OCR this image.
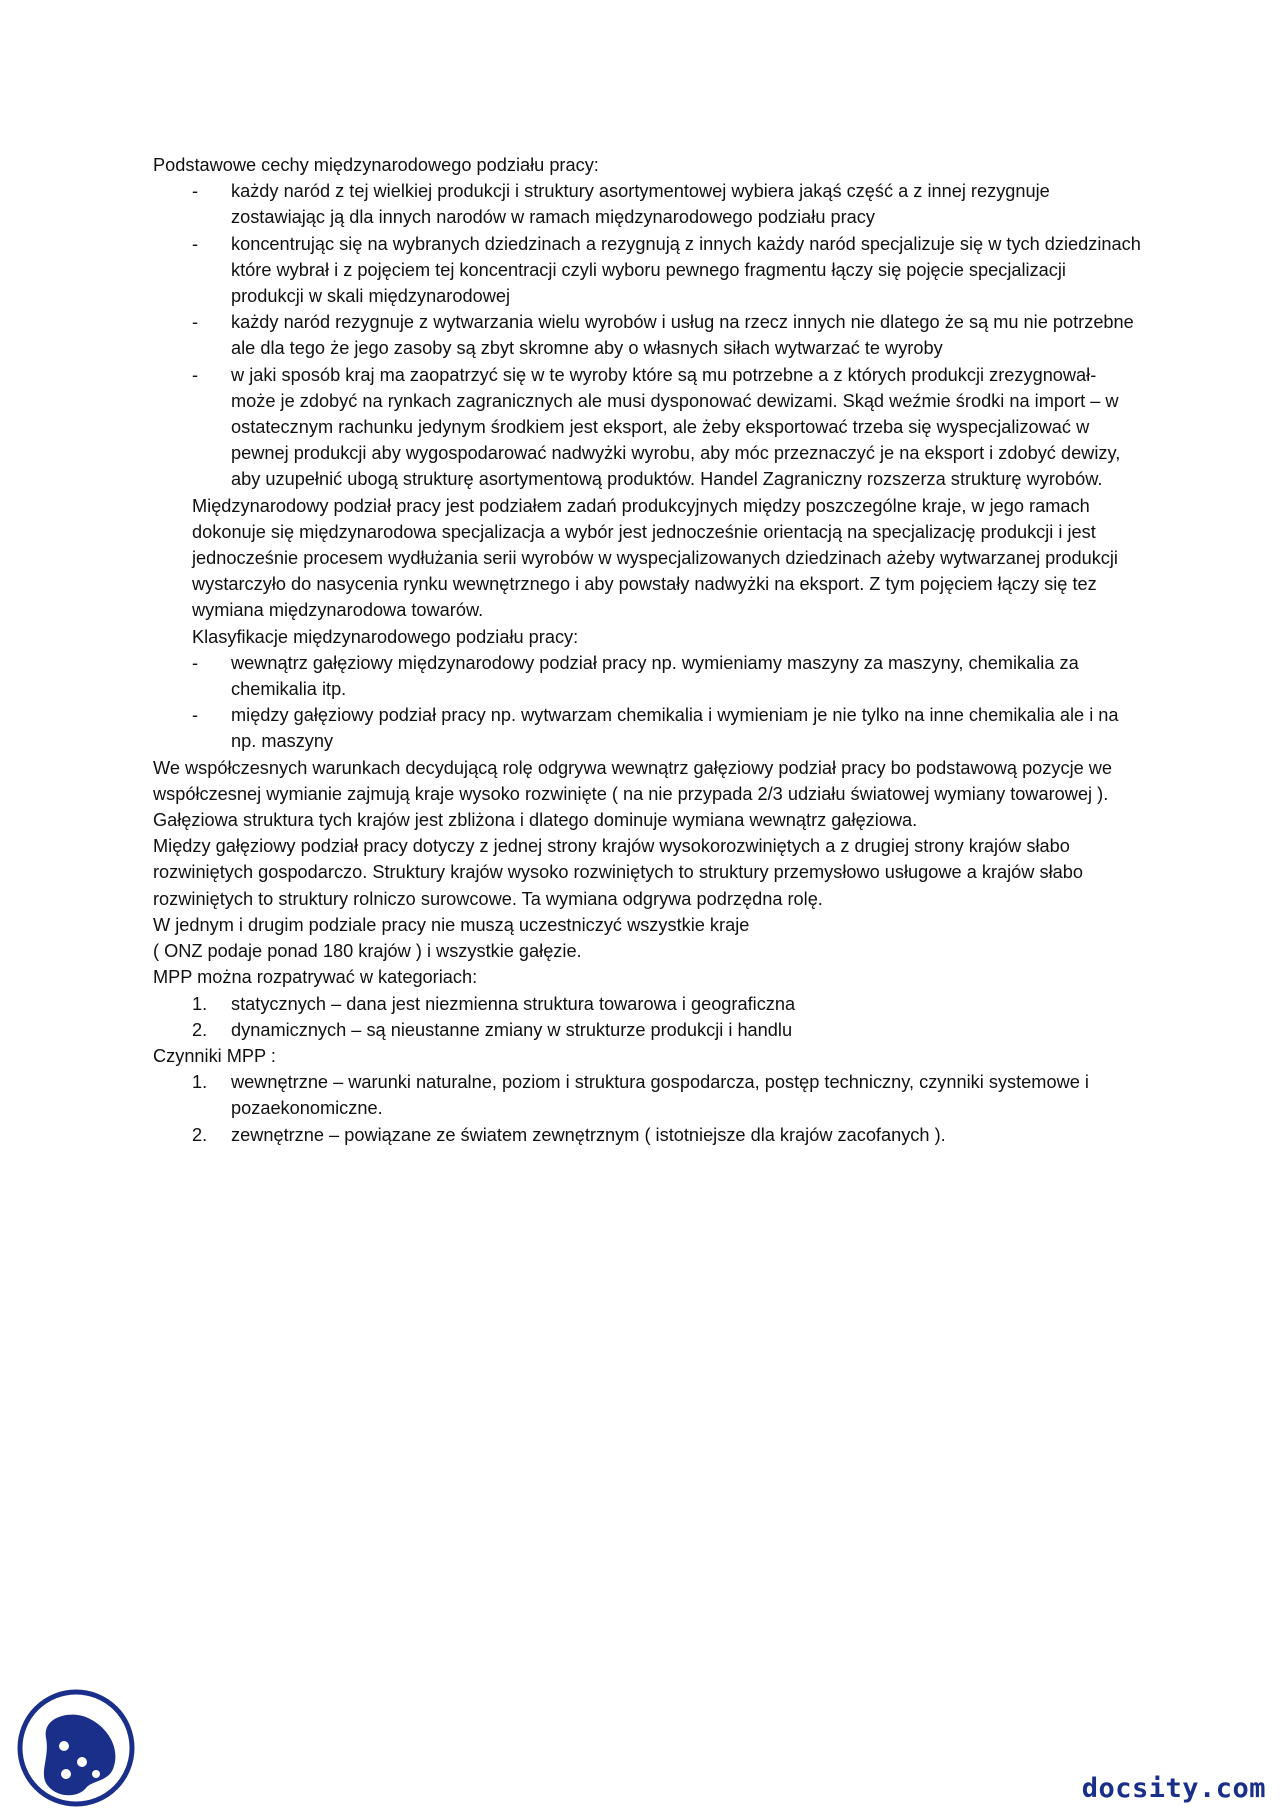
Podstawowe cechy międzynarodowego podziału pracy:

-	każdy naród z tej wielkiej produkcji i struktury asortymentowej wybiera jakąś część a z innej rezygnuje zostawiając ją dla innych narodów w ramach międzynarodowego podziału pracy
-	koncentrując się na wybranych dziedzinach a rezygnują z innych każdy naród specjalizuje się w tych dziedzinach które wybrał i z pojęciem tej koncentracji czyli wyboru pewnego fragmentu łączy się pojęcie specjalizacji produkcji w skali międzynarodowej
-	każdy naród rezygnuje z wytwarzania wielu wyrobów i usług na rzecz innych nie dlatego że są mu nie potrzebne ale dla tego że jego zasoby są zbyt skromne aby o własnych siłach wytwarzać te wyroby
-	w jaki sposób kraj ma zaopatrzyć się w te wyroby które są mu potrzebne a z których produkcji zrezygnował- może je zdobyć na rynkach zagranicznych ale musi dysponować dewizami. Skąd weźmie środki na import – w ostatecznym rachunku jedynym środkiem jest eksport, ale żeby eksportować trzeba się wyspecjalizować w pewnej produkcji aby wygospodarować nadwyżki wyrobu, aby móc przeznaczyć je na eksport i zdobyć dewizy, aby uzupełnić ubogą strukturę asortymentową produktów. Handel Zagraniczny rozszerza strukturę wyrobów.

Międzynarodowy podział pracy jest podziałem zadań produkcyjnych między poszczególne kraje, w jego ramach dokonuje się międzynarodowa specjalizacja a wybór jest jednocześnie orientacją na specjalizację produkcji i jest jednocześnie procesem wydłużania serii wyrobów w wyspecjalizowanych dziedzinach ażeby wytwarzanej produkcji wystarczyło do nasycenia rynku wewnętrznego i aby powstały nadwyżki na eksport. Z tym pojęciem łączy się tez wymiana międzynarodowa towarów.

Klasyfikacje międzynarodowego podziału pracy:

-	wewnątrz gałęziowy międzynarodowy podział pracy np. wymieniamy maszyny za maszyny, chemikalia za chemikalia itp.
-	między gałęziowy podział pracy np. wytwarzam chemikalia i wymieniam je nie tylko na inne chemikalia ale i na np. maszyny

We współczesnych warunkach decydującą rolę odgrywa wewnątrz gałęziowy podział pracy bo podstawową pozycje we współczesnej wymianie zajmują kraje wysoko rozwinięte ( na nie przypada 2/3 udziału światowej wymiany towarowej ). Gałęziowa struktura tych krajów jest zbliżona i dlatego dominuje wymiana wewnątrz gałęziowa.

Między gałęziowy podział pracy dotyczy z jednej strony krajów wysokorozwiniętych a z drugiej strony krajów słabo rozwiniętych gospodarczo. Struktury krajów wysoko rozwiniętych to struktury przemysłowo usługowe a krajów słabo rozwiniętych to struktury rolniczo surowcowe. Ta wymiana odgrywa podrzędna rolę.

W jednym i drugim podziale pracy nie muszą uczestniczyć wszystkie kraje

( ONZ podaje ponad 180 krajów ) i wszystkie gałęzie.

MPP można rozpatrywać w kategoriach:

1.	statycznych – dana jest niezmienna struktura towarowa i geograficzna
2.	dynamicznych – są nieustanne zmiany w strukturze produkcji i handlu

Czynniki MPP :

1.	wewnętrzne – warunki naturalne, poziom i struktura gospodarcza, postęp techniczny, czynniki systemowe i pozaekonomiczne.
2.	zewnętrzne – powiązane ze światem zewnętrznym ( istotniejsze dla krajów zacofanych ).
docsity.com
